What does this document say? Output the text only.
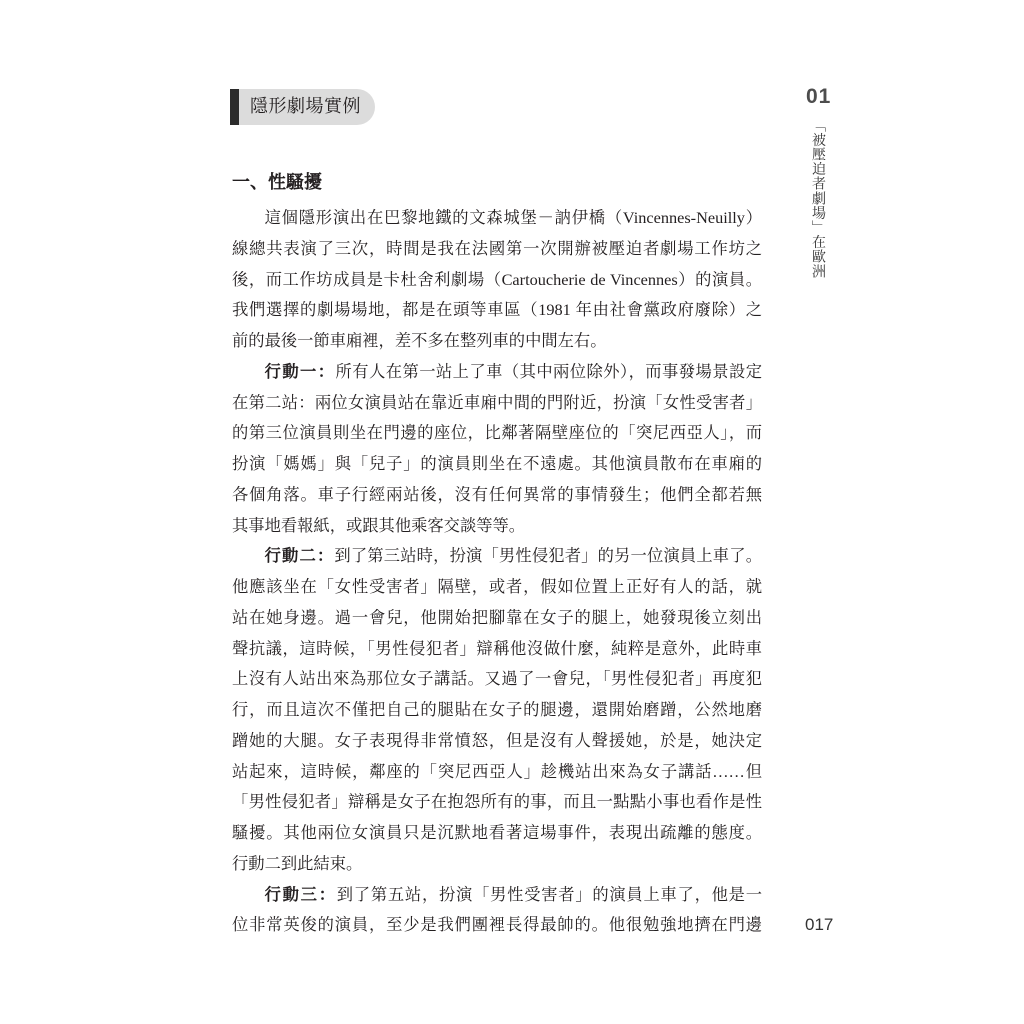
隱形劇場實例
一、性騷擾
這個隱形演出在巴黎地鐵的文森城堡－訥伊橋（Vincennes-Neuilly）
線總共表演了三次，時間是我在法國第一次開辦被壓迫者劇場工作坊之
後，而工作坊成員是卡杜舍利劇場（Cartoucherie de Vincennes）的演員。
我們選擇的劇場場地，都是在頭等車區（1981 年由社會黨政府廢除）之
前的最後一節車廂裡，差不多在整列車的中間左右。
行動一：所有人在第一站上了車（其中兩位除外），而事發場景設定
在第二站：兩位女演員站在靠近車廂中間的門附近，扮演「女性受害者」
的第三位演員則坐在門邊的座位，比鄰著隔壁座位的「突尼西亞人」，而
扮演「媽媽」與「兒子」的演員則坐在不遠處。其他演員散布在車廂的
各個角落。車子行經兩站後，沒有任何異常的事情發生；他們全都若無
其事地看報紙，或跟其他乘客交談等等。
行動二：到了第三站時，扮演「男性侵犯者」的另一位演員上車了。
他應該坐在「女性受害者」隔壁，或者，假如位置上正好有人的話，就
站在她身邊。過一會兒，他開始把腳靠在女子的腿上，她發現後立刻出
聲抗議，這時候，「男性侵犯者」辯稱他沒做什麼，純粹是意外，此時車
上沒有人站出來為那位女子講話。又過了一會兒，「男性侵犯者」再度犯
行，而且這次不僅把自己的腿貼在女子的腿邊，還開始磨蹭，公然地磨
蹭她的大腿。女子表現得非常憤怒，但是沒有人聲援她，於是，她決定
站起來，這時候，鄰座的「突尼西亞人」趁機站出來為女子講話……但
「男性侵犯者」辯稱是女子在抱怨所有的事，而且一點點小事也看作是性
騷擾。其他兩位女演員只是沉默地看著這場事件，表現出疏離的態度。
行動二到此結束。
行動三：到了第五站，扮演「男性受害者」的演員上車了，他是一
位非常英俊的演員，至少是我們團裡長得最帥的。他很勉強地擠在門邊
01
「被壓迫者劇場」在歐洲
017
